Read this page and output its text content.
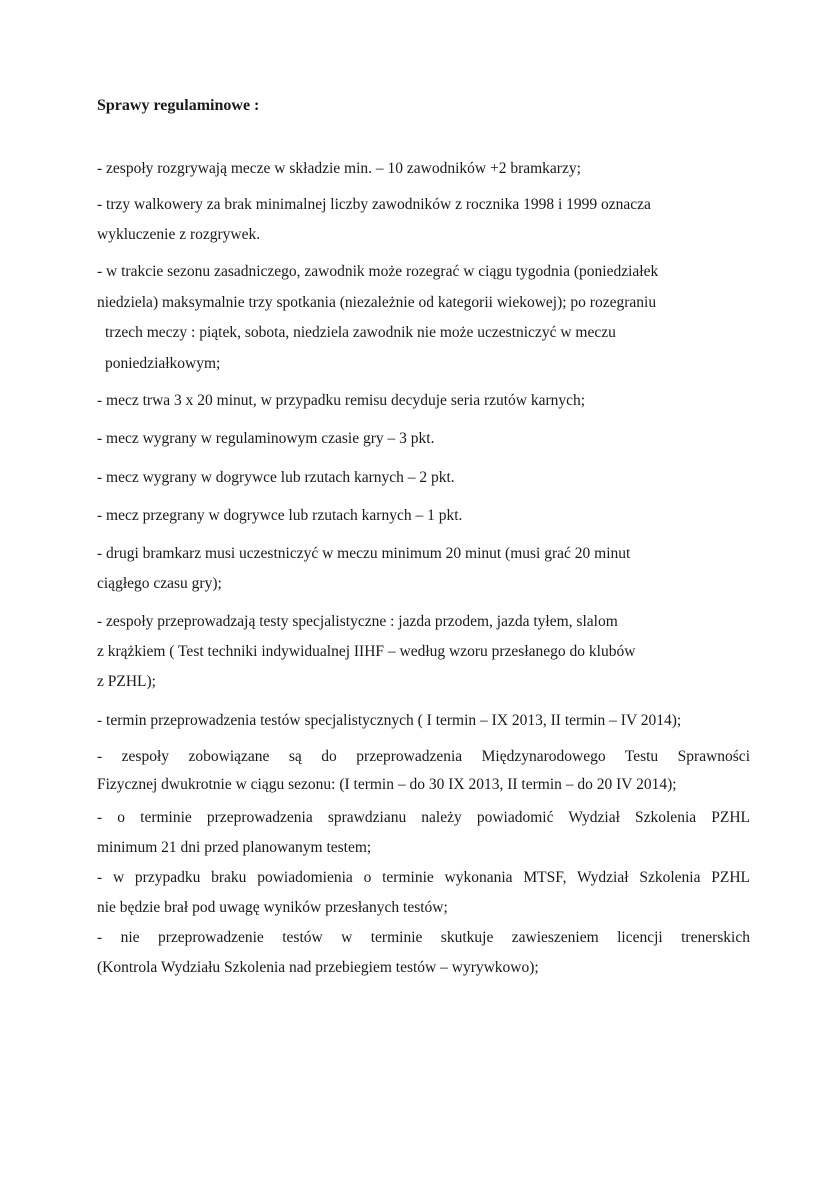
Sprawy regulaminowe :
- zespoły rozgrywają mecze w składzie min. – 10 zawodników +2 bramkarzy;
- trzy walkowery za brak minimalnej liczby zawodników z rocznika 1998 i 1999 oznacza
wykluczenie z rozgrywek.
- w trakcie sezonu zasadniczego, zawodnik może rozegrać w ciągu tygodnia (poniedziałek
niedziela) maksymalnie trzy spotkania (niezależnie od kategorii wiekowej); po rozegraniu
trzech meczy : piątek, sobota, niedziela zawodnik nie może uczestniczyć w meczu
poniedziałkowym;
- mecz trwa 3 x 20 minut, w przypadku remisu decyduje seria rzutów karnych;
- mecz wygrany w regulaminowym czasie gry – 3 pkt.
- mecz wygrany w dogrywce lub rzutach karnych – 2 pkt.
- mecz przegrany w dogrywce lub rzutach karnych – 1 pkt.
- drugi bramkarz musi uczestniczyć w meczu minimum 20 minut (musi grać 20 minut
ciągłego czasu gry);
- zespoły przeprowadzają testy specjalistyczne : jazda przodem, jazda tyłem, slalom
z krążkiem ( Test techniki indywidualnej IIHF – według wzoru przesłanego do klubów
z PZHL);
- termin przeprowadzenia testów specjalistycznych ( I termin – IX 2013, II termin – IV 2014);
- zespoły zobowiązane są do przeprowadzenia Międzynarodowego Testu Sprawności
Fizycznej dwukrotnie w ciągu sezonu: (I termin – do 30 IX 2013, II termin – do 20 IV 2014);
- o terminie przeprowadzenia sprawdzianu należy powiadomić Wydział Szkolenia PZHL
minimum 21 dni przed planowanym testem;
- w przypadku braku powiadomienia o terminie wykonania MTSF, Wydział Szkolenia PZHL
nie będzie brał pod uwagę wyników przesłanych testów;
- nie przeprowadzenie testów w terminie skutkuje zawieszeniem licencji trenerskich
(Kontrola Wydziału Szkolenia nad przebiegiem testów – wyrywkowo);
